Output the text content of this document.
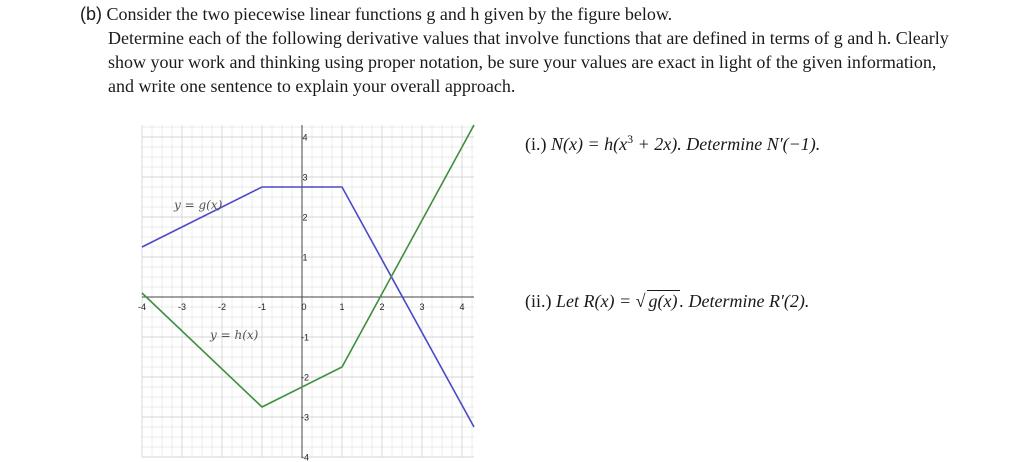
(b) Consider the two piecewise linear functions g and h given by the figure below.

Determine each of the following derivative values that involve functions that are defined in terms of g and h. Clearly show your work and thinking using proper notation, be sure your values are exact in light of the given information, and write one sentence to explain your overall approach.

-4	-3	-2	-1	0	1	2	3	4
4
3
2
1
-1
-2
-3
-4
y = g(x)
y = h(x)
(i.) $N(x) = h(x^3 + 2x)$. Determine N′(−1).
(ii.) Let R(x) = √ g(x) . Determine R′(2).
